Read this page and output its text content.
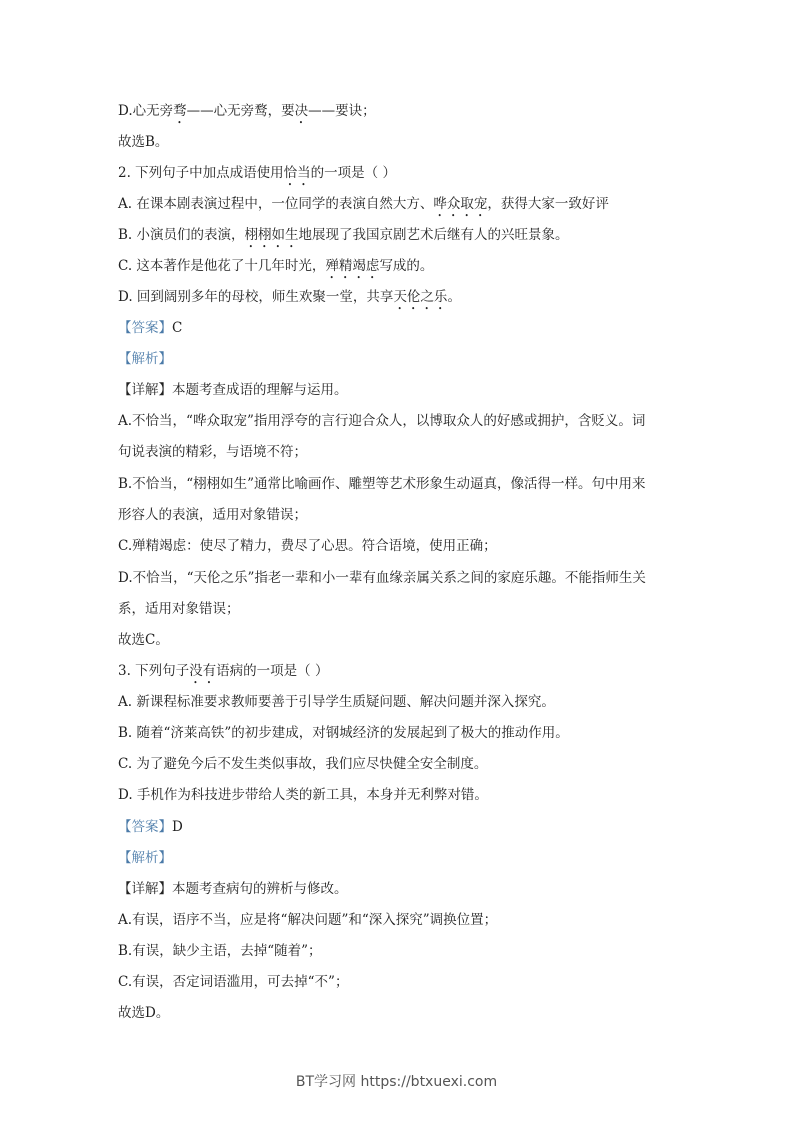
D.心无旁骛——心无旁鹜，要决——要诀；
故选B。
2. 下列句子中加点成语使用恰当的一项是（ ）
A. 在课本剧表演过程中，一位同学的表演自然大方、哗众取宠，获得大家一致好评
B. 小演员们的表演，栩栩如生地展现了我国京剧艺术后继有人的兴旺景象。
C. 这本著作是他花了十几年时光，殚精竭虑写成的。
D. 回到阔别多年的母校，师生欢聚一堂，共享天伦之乐。
【答案】C
【解析】
【详解】本题考查成语的理解与运用。
A.不恰当，“哗众取宠”指用浮夸的言行迎合众人，以博取众人的好感或拥护，含贬义。词
句说表演的精彩，与语境不符；
B.不恰当，“栩栩如生”通常比喻画作、雕塑等艺术形象生动逼真，像活得一样。句中用来
形容人的表演，适用对象错误；
C.殚精竭虑：使尽了精力，费尽了心思。符合语境，使用正确；
D.不恰当，“天伦之乐”指老一辈和小一辈有血缘亲属关系之间的家庭乐趣。不能指师生关
系，适用对象错误；
故选C。
3. 下列句子没有语病的一项是（ ）
A. 新课程标准要求教师要善于引导学生质疑问题、解决问题并深入探究。
B. 随着“济莱高铁”的初步建成，对钢城经济的发展起到了极大的推动作用。
C. 为了避免今后不发生类似事故，我们应尽快健全安全制度。
D. 手机作为科技进步带给人类的新工具，本身并无利弊对错。
【答案】D
【解析】
【详解】本题考查病句的辨析与修改。
A.有误，语序不当，应是将“解决问题”和“深入探究”调换位置；
B.有误，缺少主语，去掉“随着”；
C.有误，否定词语滥用，可去掉“不”；
故选D。
BT学习网 https://btxuexi.com
